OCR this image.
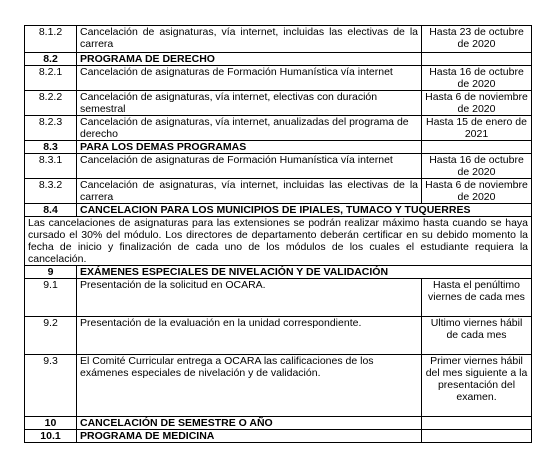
8.1.2	Cancelación de asignaturas, vía internet, incluidas las electivas de la carrera	Hasta 23 de octubre de 2020
8.2	PROGRAMA DE DERECHO	
8.2.1	Cancelación de asignaturas de Formación Humanística vía internet	Hasta 16 de octubre de 2020
8.2.2	Cancelación de asignaturas, vía internet, electivas con duración semestral	Hasta 6 de noviembre de 2020
8.2.3	Cancelación de asignaturas, vía internet, anualizadas del programa de derecho	Hasta 15 de enero de 2021
8.3	PARA LOS DEMAS PROGRAMAS	
8.3.1	Cancelación de asignaturas de Formación Humanística vía internet	Hasta 16 de octubre de 2020
8.3.2	Cancelación de asignaturas, vía internet, incluidas las electivas de la carrera	Hasta 6 de noviembre de 2020
8.4	CANCELACION PARA LOS MUNICIPIOS DE IPIALES, TUMACO Y TUQUERRES	
Las cancelaciones de asignaturas para las extensiones se podrán realizar máximo hasta cuando se haya cursado el 30% del módulo. Los directores de departamento deberán certificar en su debido momento la fecha de inicio y finalización de cada uno de los módulos de los cuales el estudiante requiera la cancelación.		
9	EXÁMENES ESPECIALES DE NIVELACIÓN Y DE VALIDACIÓN	
9.1	Presentación de la solicitud en OCARA.	Hasta el penúltimo viernes de cada mes
9.2	Presentación de la evaluación en la unidad correspondiente.	Ultimo viernes hábil de cada mes
9.3	El Comité Curricular entrega a OCARA las calificaciones de los exámenes especiales de nivelación y de validación.	Primer viernes hábil del mes siguiente a la presentación del examen.
10	CANCELACIÓN DE SEMESTRE O AÑO	
10.1	PROGRAMA DE MEDICINA	
